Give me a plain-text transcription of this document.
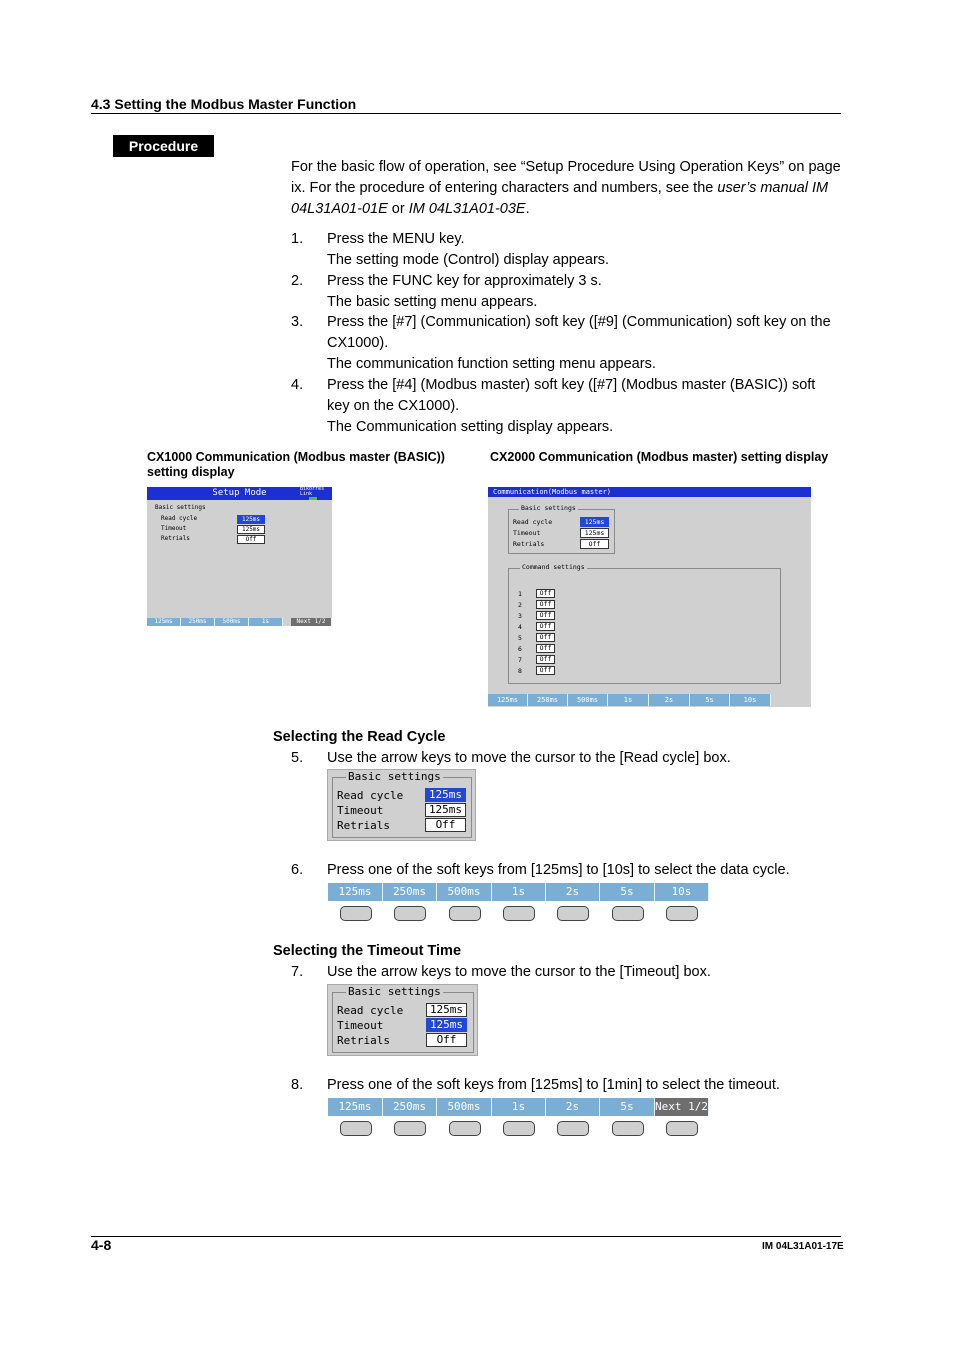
4.3 Setting the Modbus Master Function
Procedure
For the basic flow of operation, see “Setup Procedure Using Operation Keys” on page ix. For the procedure of entering characters and numbers, see the user’s manual IM 04L31A01-01E or IM 04L31A01-03E.
1. Press the MENU key.
The setting mode (Control) display appears.
2. Press the FUNC key for approximately 3 s.
The basic setting menu appears.
3. Press the [#7] (Communication) soft key ([#9] (Communication) soft key on the CX1000).
The communication function setting menu appears.
4. Press the [#4] (Modbus master) soft key ([#7] (Modbus master (BASIC)) soft key on the CX1000).
The Communication setting display appears.
CX1000 Communication (Modbus master (BASIC)) setting display
CX2000 Communication (Modbus master) setting display
Setup Mode	Bikorres
Link
Basic settings
Read cycle	125ms
Timeout	125ms
Retrials	Off
125ms	250ms	500ms	1s	Next 1/2
Communication(Modbus master)
Basic settings
Read cycle	125ms
Timeout	125ms
Retrials	Off
Command settings
1	Off
2	Off
3	Off
4	Off
5	Off
6	Off
7	Off
8	Off
125ms	250ms	500ms	1s	2s	5s	10s
Selecting the Read Cycle
5. Use the arrow keys to move the cursor to the [Read cycle] box.
Basic settings
Read cycle	125ms
Timeout	125ms
Retrials	Off
6. Press one of the soft keys from [125ms] to [10s] to select the data cycle.
125ms	250ms	500ms	1s	2s	5s	10s
Selecting the Timeout Time
7. Use the arrow keys to move the cursor to the [Timeout] box.
Basic settings
Read cycle	125ms
Timeout	125ms
Retrials	Off
8. Press one of the soft keys from [125ms] to [1min] to select the timeout.
125ms	250ms	500ms	1s	2s	5s	Next 1/2
4-8	IM 04L31A01-17E
